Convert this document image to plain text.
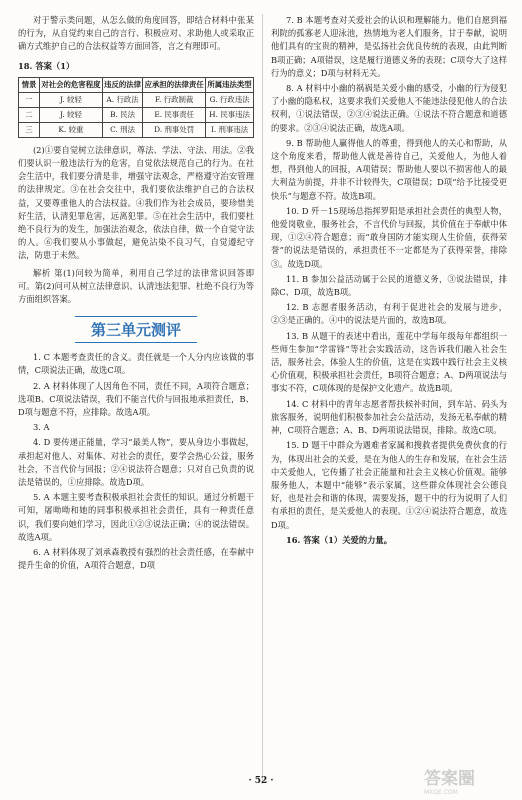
对于警示类问题，从怎么做的角度回答，即结合材料中张某的行为，从自觉约束自己的言行、积极应对、求助他人或采取正确方式维护自己的合法权益等方面回答，言之有理即可。

18. 答案（1）

情景	对社会的危害程度	违反的法律	应承担的法律责任	所属违法类型
一	J. 较轻	A. 行政法	F. 行政制裁	G. 行政违法
二	J. 较轻	B. 民法	E. 民事责任	H. 民事违法
三	K. 较重	C. 刑法	D. 刑事处罚	I. 刑事违法

(2)①要自觉树立法律意识，尊法、学法、守法、用法。②我们要认识一般违法行为的危害，自觉依法规范自己的行为。在社会生活中，我们要分清是非，增强守法观念，严格遵守治安管理的法律规定。③在社会交往中，我们要依法维护自己的合法权益，又要尊重他人的合法权益。④我们作为社会成员，要珍惜美好生活，认清犯罪危害，远离犯罪。⑤在社会生活中，我们要杜绝不良行为的发生，加强法治观念，依法自律，做一个自觉守法的人。⑥我们要从小事做起，避免沾染不良习气，自觉遵纪守法，防患于未然。

解析 第(1)问较为简单，利用自己学过的法律常识回答即可。第(2)问可从树立法律意识、认清违法犯罪、杜绝不良行为等方面组织答案。

第三单元测评

1. C 本题考查责任的含义。责任就是一个人分内应该做的事情，C项说法正确，故选C项。

2. A 材料体现了人因角色不同，责任不同，A项符合题意；选项B、C项说法错误，我们不能言代价与回报地承担责任，B、D项与题意不符，应排除。故选A项。

3. A

4. D 要传递正能量，学习“最美人物”，要从身边小事做起，承担起对他人、对集体、对社会的责任，要学会热心公益，服务社会，不言代价与回报；②④说法符合题意；只对自己负责的说法是错误的，①应排除。故选D项。

5. A 本题主要考查积极承担社会责任的知识。通过分析题干可知，屠呦呦和她的同事积极承担社会责任，具有一种责任意识，我们要向她们学习，因此①②③说法正确；④的说法错误。故选A项。

6. A 材料体现了刘承森教授有强烈的社会责任感，在奉献中提升生命的价值，A项符合题意，D项

7. B 本题考查对关爱社会的认识和理解能力。他们自愿到福利院的孤寡老人迎泳池，热情地为老人们服务，甘于奉献，说明他们具有的宝贵的精神，是弘扬社会优良传统的表现，由此判断B项正确；A项错误，这是履行道德义务的表现；C项夸大了这样行为的意义；D项与材料无关。

8. A 材料中小幽的祸祸是关爱小幽的感受，小幽的行为侵犯了小幽的隐私权，这要求我们关爱他人不能违法侵犯他人的合法权利，①说法错误，②③④说法正确。①说法不符合题意和道德的要求。②③④说法正确，故选A项。

9. B 帮助他人赢得他人的尊重，得到他人的关心和帮助，从这个角度来看，帮助他人就是善待自己，关爱他人，为他人着想，得到他人的回报，A项错误；帮助他人要以不损害他人的最大利益为前提，并非不计较得失，C项错误；D项“给予比接受更快乐”与题意不符。故选B项。

10. D 歼－15现场总指挥罗阳是承担社会责任的典型人物，他爱岗敬业，服务社会，不言代价与回报，其价值在于奉献中体现，①②④符合题意；而“敢身国防才能实现人生价值，获得荣誉”的说法是错误的，承担责任不一定都是为了获得荣誉，排除③。故选D项。

11. B 参加公益活动属于公民的道德义务，③说法错误，排除C、D项，故选B项。

12. B 志愿者服务活动，有利于促进社会的发展与进步，②③是正确的。④中的说法是片面的，故选B项。

13. B 从题干的表述中看出，莲花中学每年级每年都组织一些师生参加“学雷锋”等社会实践活动，这告诉我们融入社会生活，服务社会，体验人生的价值，这是在实践中践行社会主义核心价值观，积极承担社会责任，B项符合题意；A、D两项说法与事实不符，C项体现的是保护文化遗产。故选B项。

14. C 材料中的青年志愿者帮扶候补时间，到车站、码头为旅客服务，说明他们积极参加社会公益活动，发扬无私奉献的精神，C项符合题意；A、B、D两项说法错误，排除。故选C项。

15. D 题干中群众为遇难者家属和搜救者提供免费伙食的行为，体现出社会的关爱，是在为他人的生存和发展，在社会生活中关爱他人，它传播了社会正能量和社会主义核心价值观。能够服务他人，本题中“能够”表示家属，这些群众体现社会公德良好，也是社会和谐的体现，需要发扬，题干中的行为说明了人们有承担的责任，是关爱他人的表现。①②④说法符合题意，故选D项。

16. 答案（1）关爱的力量。

· 52 ·	答案圈
MXQE.COM
